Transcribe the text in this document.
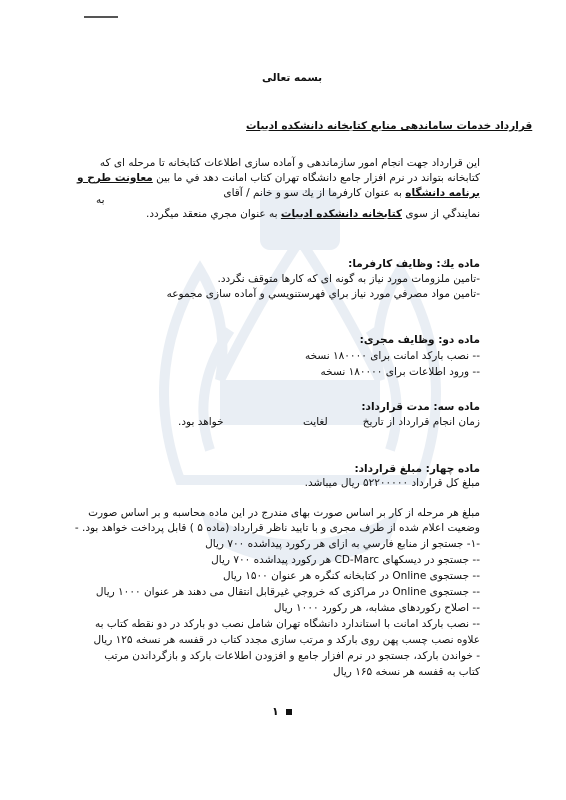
بسمه تعالی
قرارداد خدمات ساماندهی منابع کتابخانه دانشکده ادبیات
این قرارداد جهت انجام امور سازماندهی و آماده سازی اطلاعات کتابخانه تا مرحله ای که
کتابخانه بتواند در نرم افزار جامع دانشگاه تهران کتاب امانت دهد في ما بين معاونت طرح و
برنامه دانشگاه به عنوان کارفرما از یك سو و خانم / آقای
به
نمایندگي از سوی کتابخانه دانشکده ادبیات به عنوان مجري منعقد میگردد.
ماده یك: وظایف کارفرما:
-تامین ملزومات مورد نیاز به گونه ای که کارها متوقف نگردد.
-تامین مواد مصرفي مورد نیاز براي فهرستنویسي و آماده سازی مجموعه
ماده دو: وظایف مجری:
-- نصب بارکد امانت برای ۱۸۰۰۰۰ نسخه
-- ورود اطلاعات برای ۱۸۰۰۰۰ نسخه
ماده سه: مدت قرارداد:
زمان انجام قرارداد از تاریخ
لغایت
خواهد بود.
ماده چهار: مبلغ قرارداد:
مبلغ کل قرارداد ۵۲۲۰۰۰۰۰ ریال میباشد.
مبلغ هر مرحله از کار بر اساس صورت بهای مندرج در این ماده محاسبه و بر اساس صورت
وضعیت اعلام شده از طرف مجری و با تایید ناظر قرارداد (ماده ۵ ) قابل پرداخت خواهد بود. -
-۱- جستجو از منابع فارسي به ازای هر رکورد پیداشده ۷۰۰ ریال
-- جستجو در دیسکهای CD-Marc هر رکورد پیداشده ۷۰۰ ریال
-- جستجوی Online در کتابخانه کنگره هر عنوان ۱۵۰۰ ریال
-- جستجوی Online در مراکزی که خروجي غیرقابل انتقال می دهند هر عنوان ۱۰۰۰ ریال
-- اصلاح رکوردهای مشابه، هر رکورد ۱۰۰۰ ریال
-- نصب بارکد امانت با استاندارد دانشگاه تهران شامل نصب دو بارکد در دو نقطه کتاب به
علاوه نصب چسب پهن روی بارکد و مرتب سازی مجدد کتاب در قفسه هر نسخه ۱۲۵ ریال
- خواندن بارکد، جستجو در نرم افزار جامع و افزودن اطلاعات بارکد و بازگرداندن مرتب
کتاب به قفسه هر نسخه ۱۶۵ ریال
۱
